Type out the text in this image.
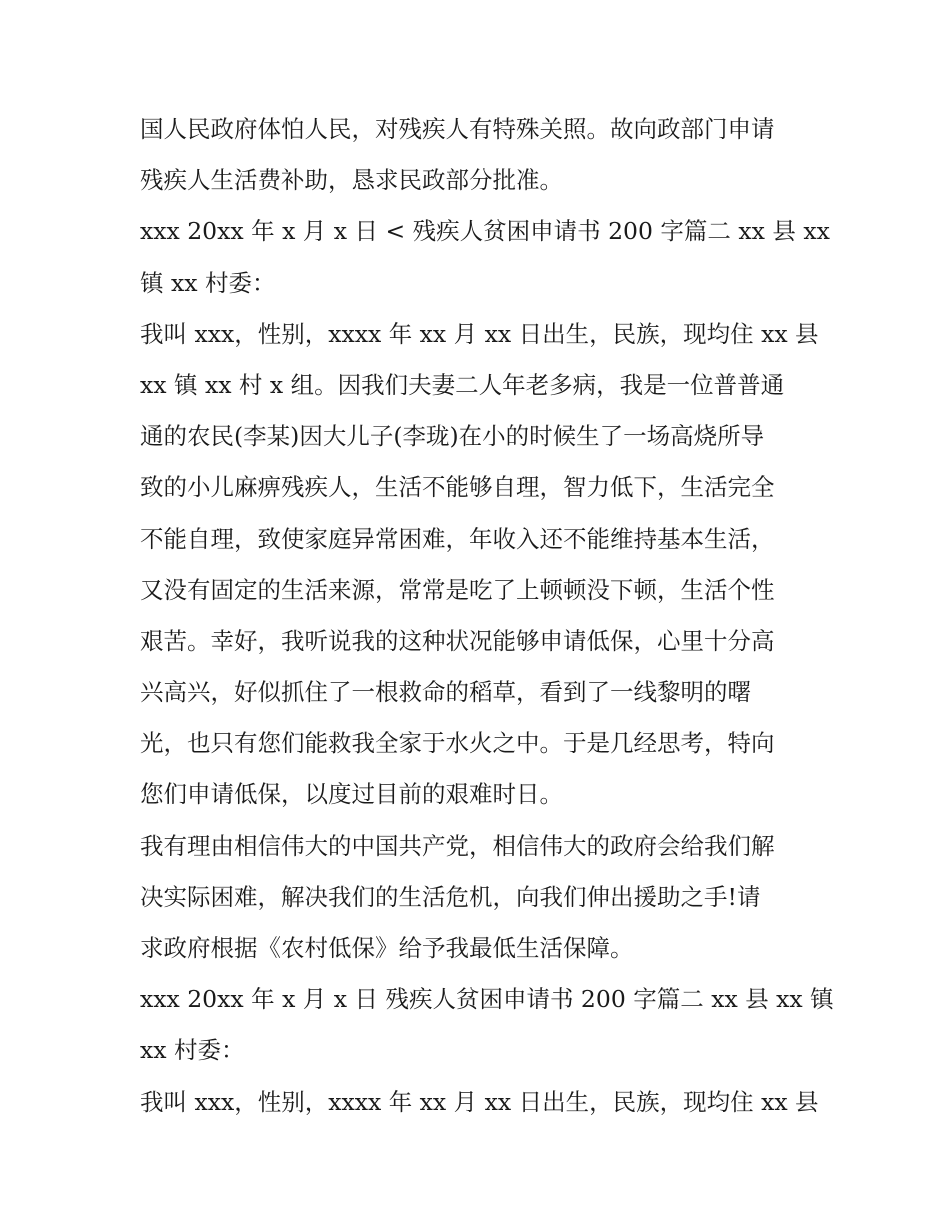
国人民政府体怕人民，对残疾人有特殊关照。故向政部门申请
残疾人生活费补助，恳求民政部分批准。
xxx 20xx 年 x 月 x 日 < 残疾人贫困申请书 200 字篇二 xx 县 xx
镇 xx 村委：
我叫 xxx，性别，xxxx 年 xx 月 xx 日出生，民族，现均住 xx 县
xx 镇 xx 村 x 组。因我们夫妻二人年老多病，我是一位普普通
通的农民(李某)因大儿子(李珑)在小的时候生了一场高烧所导
致的小儿麻痹残疾人，生活不能够自理，智力低下，生活完全
不能自理，致使家庭异常困难，年收入还不能维持基本生活，
又没有固定的生活来源，常常是吃了上顿顿没下顿，生活个性
艰苦。幸好，我听说我的这种状况能够申请低保，心里十分高
兴高兴，好似抓住了一根救命的稻草，看到了一线黎明的曙
光，也只有您们能救我全家于水火之中。于是几经思考，特向
您们申请低保，以度过目前的艰难时日。
我有理由相信伟大的中国共产党，相信伟大的政府会给我们解
决实际困难，解决我们的生活危机，向我们伸出援助之手!请
求政府根据《农村低保》给予我最低生活保障。
xxx 20xx 年 x 月 x 日 残疾人贫困申请书 200 字篇二 xx 县 xx 镇
xx 村委：
我叫 xxx，性别，xxxx 年 xx 月 xx 日出生，民族，现均住 xx 县
